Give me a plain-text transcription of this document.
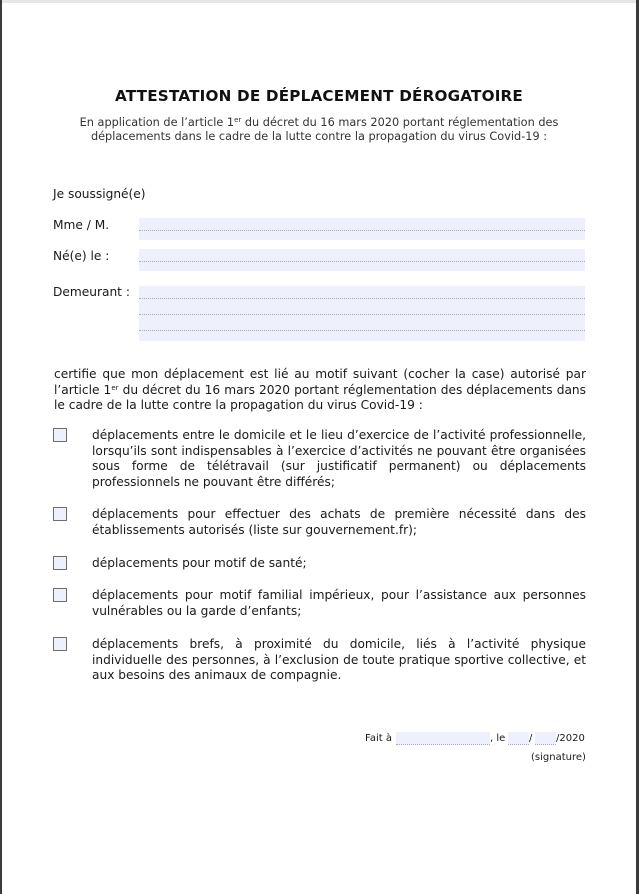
ATTESTATION DE DÉPLACEMENT DÉROGATOIRE
En application de l’article 1er du décret du 16 mars 2020 portant réglementation des
déplacements dans le cadre de la lutte contre la propagation du virus Covid-19 :
Je soussigné(e)
Mme / M.
Né(e) le :
Demeurant :
certifie que mon déplacement est lié au motif suivant (cocher la case) autorisé par
l’article 1er du décret du 16 mars 2020 portant réglementation des déplacements dans
le cadre de la lutte contre la propagation du virus Covid-19 :
déplacements entre le domicile et le lieu d’exercice de l’activité professionnelle, lorsqu’ils sont indispensables à l’exercice d’activités ne pouvant être organisées sous forme de télétravail (sur justificatif permanent) ou déplacements professionnels ne pouvant être différés;
déplacements pour effectuer des achats de première nécessité dans des établissements autorisés (liste sur gouvernement.fr);
déplacements pour motif de santé;
déplacements pour motif familial impérieux, pour l’assistance aux personnes vulnérables ou la garde d’enfants;
déplacements brefs, à proximité du domicile, liés à l’activité physique individuelle des personnes, à l’exclusion de toute pratique sportive collective, et aux besoins des animaux de compagnie.
Fait à	, le / /2020
(signature)
